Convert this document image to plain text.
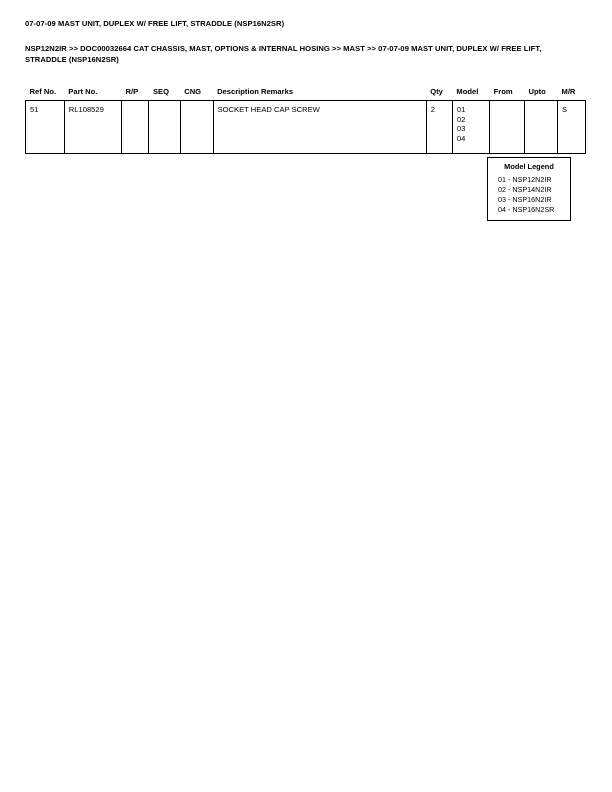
07-07-09 MAST UNIT, DUPLEX W/ FREE LIFT, STRADDLE (NSP16N2SR)
NSP12N2IR >> DOC00032664 CAT CHASSIS, MAST, OPTIONS & INTERNAL HOSING >> MAST >> 07-07-09 MAST UNIT, DUPLEX W/ FREE LIFT, STRADDLE (NSP16N2SR)
Ref No.	Part No.	R/P	SEQ	CNG	Description Remarks	Qty	Model	From	Upto	M/R
51	RL108529				SOCKET HEAD CAP SCREW	2	01
02
03
04			S
Model Legend
01 - NSP12N2IR
02 - NSP14N2IR
03 - NSP16N2IR
04 - NSP16N2SR
